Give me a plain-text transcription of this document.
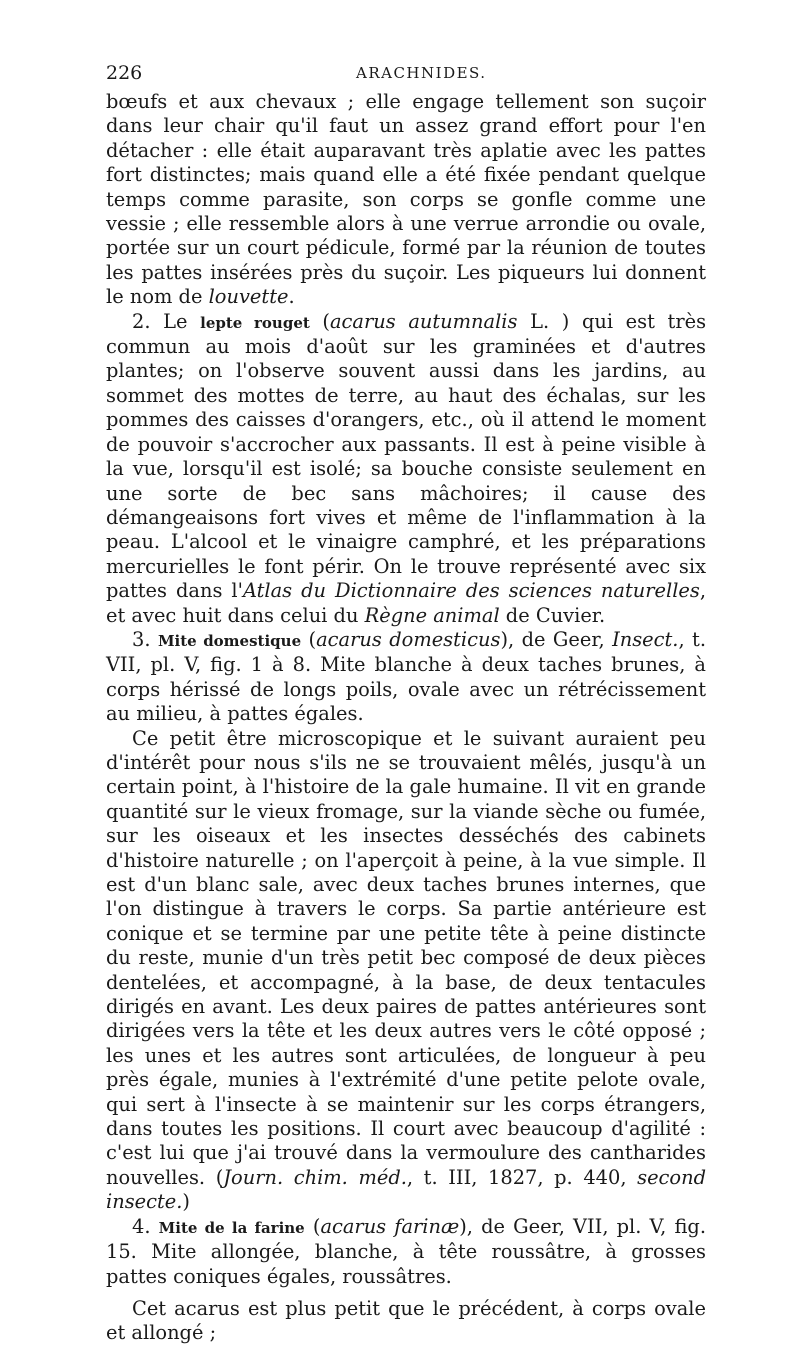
226	ARACHNIDES.

bœufs et aux chevaux ; elle engage tellement son suçoir dans leur chair qu'il faut un assez grand effort pour l'en détacher : elle était auparavant très aplatie avec les pattes fort distinctes; mais quand elle a été fixée pendant quelque temps comme parasite, son corps se gonfle comme une vessie ; elle ressemble alors à une verrue arrondie ou ovale, portée sur un court pédicule, formé par la réunion de toutes les pattes insérées près du suçoir. Les piqueurs lui donnent le nom de louvette.

2. Le lepte rouget (acarus autumnalis L. ) qui est très commun au mois d'août sur les graminées et d'autres plantes; on l'observe souvent aussi dans les jardins, au sommet des mottes de terre, au haut des échalas, sur les pommes des caisses d'orangers, etc., où il attend le moment de pouvoir s'accrocher aux passants. Il est à peine visible à la vue, lorsqu'il est isolé; sa bouche consiste seulement en une sorte de bec sans mâchoires; il cause des démangeaisons fort vives et même de l'inflammation à la peau. L'alcool et le vinaigre camphré, et les préparations mercurielles le font périr. On le trouve représenté avec six pattes dans l'Atlas du Dictionnaire des sciences naturelles, et avec huit dans celui du Règne animal de Cuvier.

3. Mite domestique (acarus domesticus), de Geer, Insect., t. VII, pl. V, fig. 1 à 8. Mite blanche à deux taches brunes, à corps hérissé de longs poils, ovale avec un rétrécissement au milieu, à pattes égales.

Ce petit être microscopique et le suivant auraient peu d'intérêt pour nous s'ils ne se trouvaient mêlés, jusqu'à un certain point, à l'histoire de la gale humaine. Il vit en grande quantité sur le vieux fromage, sur la viande sèche ou fumée, sur les oiseaux et les insectes desséchés des cabinets d'histoire naturelle ; on l'aperçoit à peine, à la vue simple. Il est d'un blanc sale, avec deux taches brunes internes, que l'on distingue à travers le corps. Sa partie antérieure est conique et se termine par une petite tête à peine distincte du reste, munie d'un très petit bec composé de deux pièces dentelées, et accompagné, à la base, de deux tentacules dirigés en avant. Les deux paires de pattes antérieures sont dirigées vers la tête et les deux autres vers le côté opposé ; les unes et les autres sont articulées, de longueur à peu près égale, munies à l'extrémité d'une petite pelote ovale, qui sert à l'insecte à se maintenir sur les corps étrangers, dans toutes les positions. Il court avec beaucoup d'agilité : c'est lui que j'ai trouvé dans la vermoulure des cantharides nouvelles. (Journ. chim. méd., t. III, 1827, p. 440, second insecte.)

4. Mite de la farine (acarus farinæ), de Geer, VII, pl. V, fig. 15. Mite allongée, blanche, à tête roussâtre, à grosses pattes coniques égales, roussâtres.

Cet acarus est plus petit que le précédent, à corps ovale et allongé ;
